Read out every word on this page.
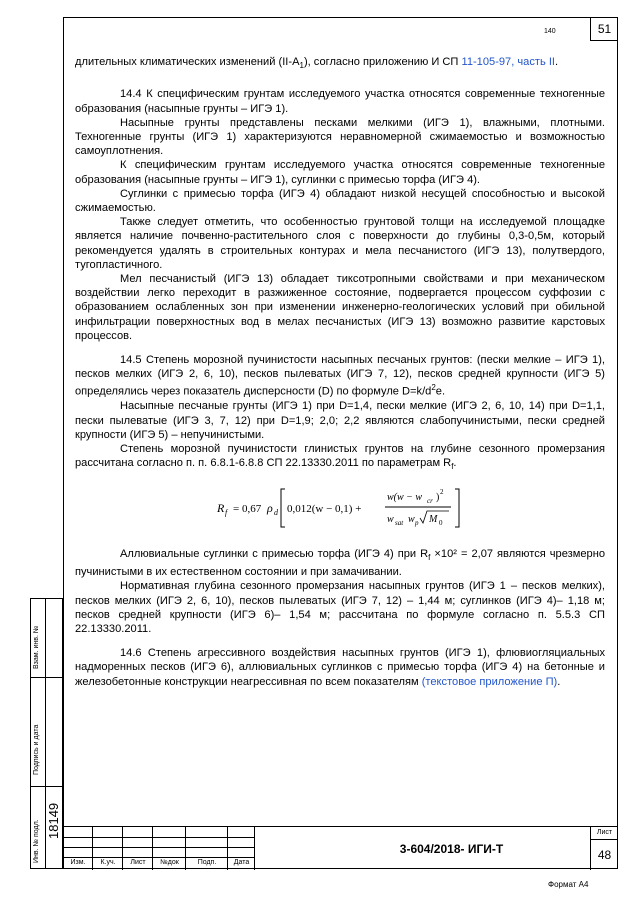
140	51

длительных климатических изменений $(II-А_1)$, согласно приложению И СП 11-105-97, часть II.

14.4 К специфическим грунтам исследуемого участка относятся современные техногенные образования (насыпные грунты – ИГЭ 1).

Насыпные грунты представлены песками мелкими (ИГЭ 1), влажными, плотными. Техногенные грунты (ИГЭ 1) характеризуются неравномерной сжимаемостью и возможностью самоуплотнения.

К специфическим грунтам исследуемого участка относятся современные техногенные образования (насыпные грунты – ИГЭ 1), суглинки с примесью торфа (ИГЭ 4).

Суглинки с примесью торфа (ИГЭ 4) обладают низкой несущей способностью и высокой сжимаемостью.

Также следует отметить, что особенностью грунтовой толщи на исследуемой площадке является наличие почвенно-растительного слоя с поверхности до глубины 0,3-0,5м, который рекомендуется удалять в строительных контурах и мела песчанистого (ИГЭ 13), полутвердого, тугопластичного.

Мел песчанистый (ИГЭ 13) обладает тиксотропными свойствами и при механическом воздействии легко переходит в разжиженное состояние, подвергается процессом суффозии с образованием ослабленных зон при изменении инженерно-геологических условий при обильной инфильтрации поверхностных вод в мелах песчанистых (ИГЭ 13) возможно развитие карстовых процессов.

14.5 Степень морозной пучинистости насыпных песчаных грунтов: (пески мелкие – ИГЭ 1), песков мелких (ИГЭ 2, 6, 10), песков пылеватых (ИГЭ 7, 12), песков средней крупности (ИГЭ 5) определялись через показатель дисперсности (D) по формуле $D=k/d^2e$.

Насыпные песчаные грунты (ИГЭ 1) при D=1,4, пески мелкие (ИГЭ 2, 6, 10, 14) при D=1,1, пески пылеватые (ИГЭ 3, 7, 12) при D=1,9; 2,0; 2,2 являются слабопучинистыми, пески средней крупности (ИГЭ 5) – непучинистыми.

Степень морозной пучинистости глинистых грунтов на глубине сезонного промерзания рассчитана согласно п. п. 6.8.1-6.8.8 СП 22.13330.2011 по параметрам $R_f$.

R f = 0,67 ρ d 0,012(w − 0,1) +
w(w − w cr ) 2
w sat w p M 0

Аллювиальные суглинки с примесью торфа (ИГЭ 4) при $R_f \times 10^2 = 2,07$ являются чрезмерно пучинистыми в их естественном состоянии и при замачивании.

Нормативная глубина сезонного промерзания насыпных грунтов (ИГЭ 1 – песков мелких), песков мелких (ИГЭ 2, 6, 10), песков пылеватых (ИГЭ 7, 12) – 1,44 м; суглинков (ИГЭ 4)– 1,18 м; песков средней крупности (ИГЭ 6)– 1,54 м; рассчитана по формуле согласно п. 5.5.3 СП 22.13330.2011.

14.6 Степень агрессивного воздействия насыпных грунтов (ИГЭ 1), флювиогляциальных надморенных песков (ИГЭ 6), аллювиальных суглинков с примесью торфа (ИГЭ 4) на бетонные и железобетонные конструкции неагрессивная по всем показателям (текстовое приложение П).

Взам. инв. №
Подпись и дата
Инв. № подл. 18149
Изм.	К.уч.	Лист	№док	Подп.	Дата
3-604/2018- ИГИ-Т
Лист
48
Формат А4
